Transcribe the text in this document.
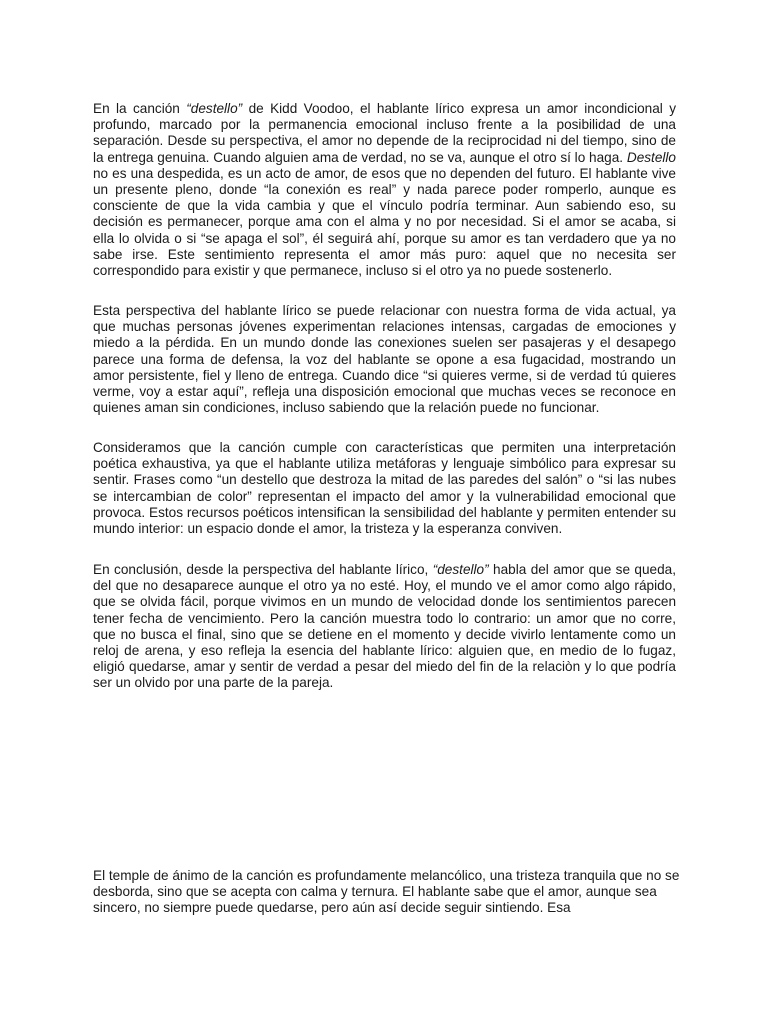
En la canción “destello” de Kidd Voodoo, el hablante lírico expresa un amor incondicional y profundo, marcado por la permanencia emocional incluso frente a la posibilidad de una separación. Desde su perspectiva, el amor no depende de la reciprocidad ni del tiempo, sino de la entrega genuina. Cuando alguien ama de verdad, no se va, aunque el otro sí lo haga. Destello no es una despedida, es un acto de amor, de esos que no dependen del futuro. El hablante vive un presente pleno, donde “la conexión es real” y nada parece poder romperlo, aunque es consciente de que la vida cambia y que el vínculo podría terminar. Aun sabiendo eso, su decisión es permanecer, porque ama con el alma y no por necesidad. Si el amor se acaba, si ella lo olvida o si “se apaga el sol”, él seguirá ahí, porque su amor es tan verdadero que ya no sabe irse. Este sentimiento representa el amor más puro: aquel que no necesita ser correspondido para existir y que permanece, incluso si el otro ya no puede sostenerlo.

Esta perspectiva del hablante lírico se puede relacionar con nuestra forma de vida actual, ya que muchas personas jóvenes experimentan relaciones intensas, cargadas de emociones y miedo a la pérdida. En un mundo donde las conexiones suelen ser pasajeras y el desapego parece una forma de defensa, la voz del hablante se opone a esa fugacidad, mostrando un amor persistente, fiel y lleno de entrega. Cuando dice “si quieres verme, si de verdad tú quieres verme, voy a estar aquí”, refleja una disposición emocional que muchas veces se reconoce en quienes aman sin condiciones, incluso sabiendo que la relación puede no funcionar.

Consideramos que la canción cumple con características que permiten una interpretación poética exhaustiva, ya que el hablante utiliza metáforas y lenguaje simbólico para expresar su sentir. Frases como “un destello que destroza la mitad de las paredes del salón” o “si las nubes se intercambian de color” representan el impacto del amor y la vulnerabilidad emocional que provoca. Estos recursos poéticos intensifican la sensibilidad del hablante y permiten entender su mundo interior: un espacio donde el amor, la tristeza y la esperanza conviven.

En conclusión, desde la perspectiva del hablante lírico, “destello” habla del amor que se queda, del que no desaparece aunque el otro ya no esté. Hoy, el mundo ve el amor como algo rápido, que se olvida fácil, porque vivimos en un mundo de velocidad donde los sentimientos parecen tener fecha de vencimiento. Pero la canción muestra todo lo contrario: un amor que no corre, que no busca el final, sino que se detiene en el momento y decide vivirlo lentamente como un reloj de arena, y eso refleja la esencia del hablante lírico: alguien que, en medio de lo fugaz, eligió quedarse, amar y sentir de verdad a pesar del miedo del fin de la relaciòn y lo que podría ser un olvido por una parte de la pareja.

El temple de ánimo de la canción es profundamente melancólico, una tristeza tranquila que no se desborda, sino que se acepta con calma y ternura. El hablante sabe que el amor, aunque sea sincero, no siempre puede quedarse, pero aún así decide seguir sintiendo. Esa
